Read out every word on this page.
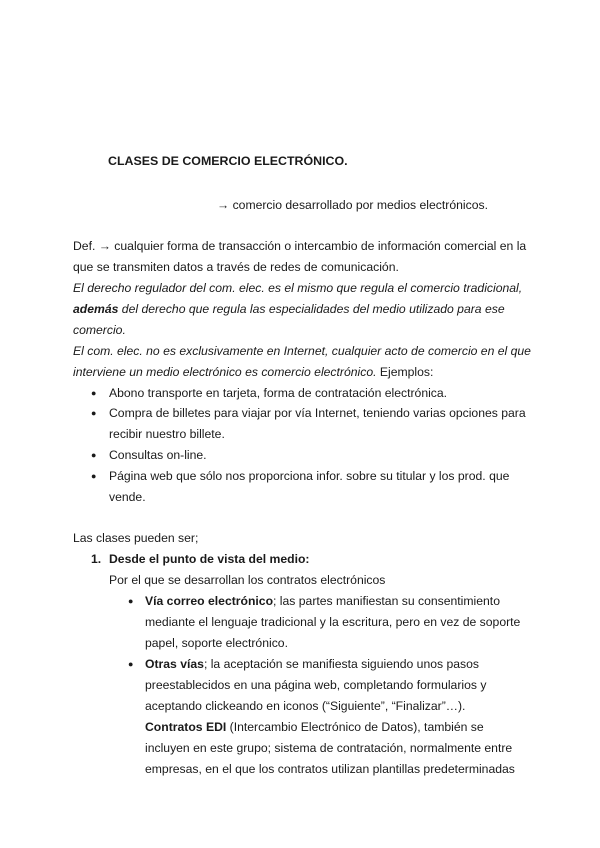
CLASES DE COMERCIO ELECTRÓNICO.
→ comercio desarrollado por medios electrónicos.
Def. → cualquier forma de transacción o intercambio de información comercial en la
que se transmiten datos a través de redes de comunicación.
El derecho regulador del com. elec. es el mismo que regula el comercio tradicional,
además del derecho que regula las especialidades del medio utilizado para ese
comercio.
El com. elec. no es exclusivamente en Internet, cualquier acto de comercio en el que
interviene un medio electrónico es comercio electrónico. Ejemplos:
● Abono transporte en tarjeta, forma de contratación electrónica.
● Compra de billetes para viajar por vía Internet, teniendo varias opciones para
recibir nuestro billete.
● Consultas on-line.
● Página web que sólo nos proporciona infor. sobre su titular y los prod. que
vende.
Las clases pueden ser;
1. Desde el punto de vista del medio:
Por el que se desarrollan los contratos electrónicos
● Vía correo electrónico; las partes manifiestan su consentimiento
mediante el lenguaje tradicional y la escritura, pero en vez de soporte
papel, soporte electrónico.
● Otras vías; la aceptación se manifiesta siguiendo unos pasos
preestablecidos en una página web, completando formularios y
aceptando clickeando en iconos (“Siguiente”, “Finalizar”…).
Contratos EDI (Intercambio Electrónico de Datos), también se
incluyen en este grupo; sistema de contratación, normalmente entre
empresas, en el que los contratos utilizan plantillas predeterminadas
